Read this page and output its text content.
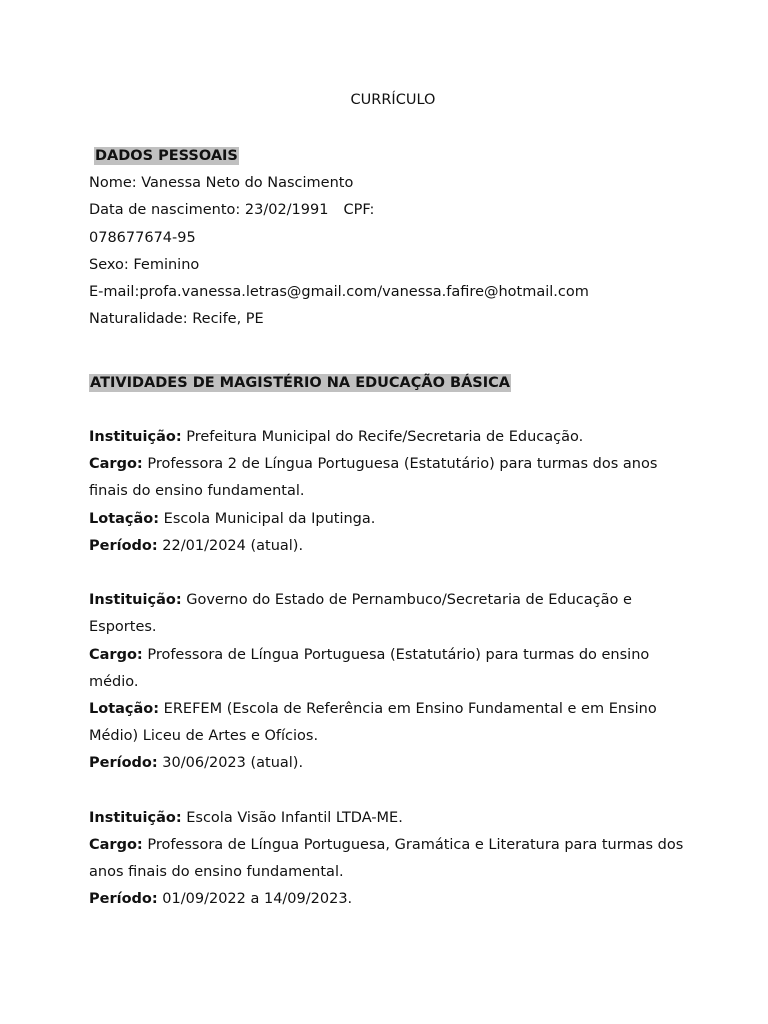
CURRÍCULO
DADOS PESSOAIS
Nome: Vanessa Neto do Nascimento
Data de nascimento: 23/02/1991 CPF:
078677674-95
Sexo: Feminino
E-mail:profa.vanessa.letras@gmail.com/vanessa.fafire@hotmail.com
Naturalidade: Recife, PE
ATIVIDADES DE MAGISTÉRIO NA EDUCAÇÃO BÁSICA
Instituição: Prefeitura Municipal do Recife/Secretaria de Educação.
Cargo: Professora 2 de Língua Portuguesa (Estatutário) para turmas dos anos finais do ensino fundamental.
Lotação: Escola Municipal da Iputinga.
Período: 22/01/2024 (atual).
Instituição: Governo do Estado de Pernambuco/Secretaria de Educação e Esportes.
Cargo: Professora de Língua Portuguesa (Estatutário) para turmas do ensino médio.
Lotação: EREFEM (Escola de Referência em Ensino Fundamental e em Ensino Médio) Liceu de Artes e Ofícios.
Período: 30/06/2023 (atual).
Instituição: Escola Visão Infantil LTDA-ME.
Cargo: Professora de Língua Portuguesa, Gramática e Literatura para turmas dos anos finais do ensino fundamental.
Período: 01/09/2022 a 14/09/2023.
